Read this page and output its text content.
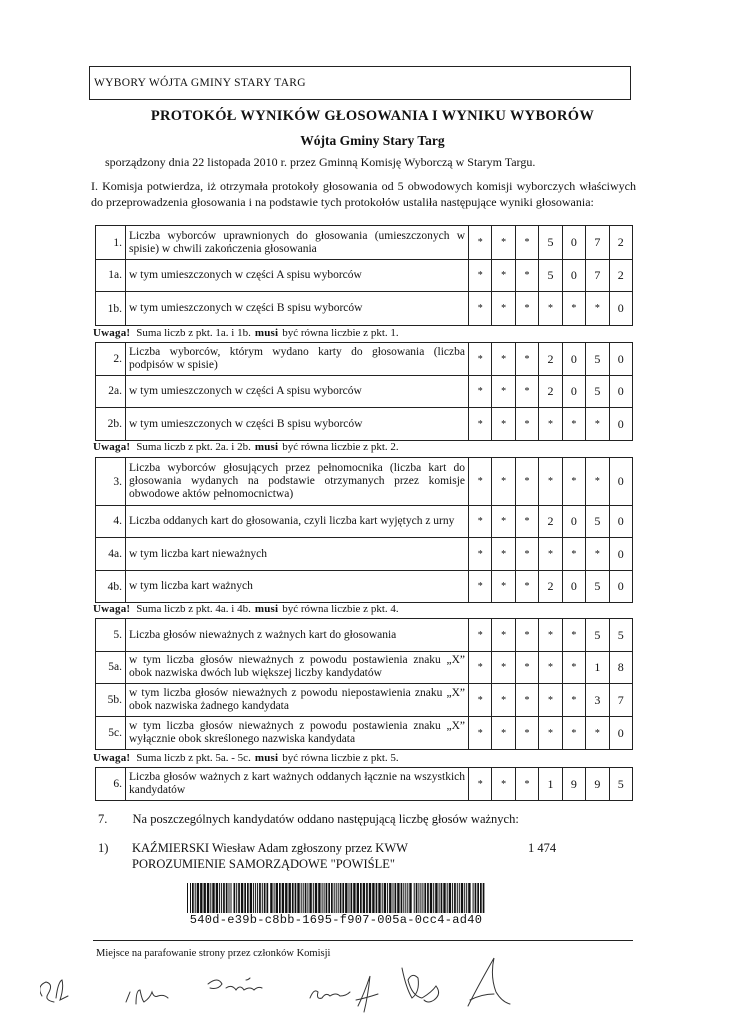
WYBORY WÓJTA GMINY STARY TARG
PROTOKÓŁ WYNIKÓW GŁOSOWANIA I WYNIKU WYBORÓW
Wójta Gminy Stary Targ
sporządzony dnia 22 listopada 2010 r. przez Gminną Komisję Wyborczą w Starym Targu.
I. Komisja potwierdza, iż otrzymała protokoły głosowania od 5 obwodowych komisji wyborczych właściwych do przeprowadzenia głosowania i na podstawie tych protokołów ustaliła następujące wyniki głosowania:
1.
Liczba wyborców uprawnionych do głosowania (umieszczonych w spisie) w chwili zakończenia głosowania	*	*	*	5	0	7	2
1a. w tym umieszczonych w części A spisu wyborców	*	*	*	5	0	7	2
1b. w tym umieszczonych w części B spisu wyborców	*	*	*	*	*	*	0
2.
Liczba wyborców, którym wydano karty do głosowania (liczba podpisów w spisie)	*	*	*	2	0	5	0
2a. w tym umieszczonych w części A spisu wyborców	*	*	*	2	0	5	0
2b. w tym umieszczonych w części B spisu wyborców	*	*	*	*	*	*	0
3.
Liczba wyborców głosujących przez pełnomocnika (liczba kart do głosowania wydanych na podstawie otrzymanych przez komisje obwodowe aktów pełnomocnictwa)
*	*	*	*	*	*	0
4. Liczba oddanych kart do głosowania, czyli liczba kart wyjętych z urny	*	*	*	2	0	5	0
4a. w tym liczba kart nieważnych	*	*	*	*	*	*	0
4b. w tym liczba kart ważnych	*	*	*	2	0	5	0
5. Liczba głosów nieważnych z ważnych kart do głosowania	*	*	*	*	*	5	5
5a.
w tym liczba głosów nieważnych z powodu postawienia znaku „X” obok nazwiska dwóch lub większej liczby kandydatów	*	*	*	*	*	1	8
5b.
w tym liczba głosów nieważnych z powodu niepostawienia znaku „X” obok nazwiska żadnego kandydata	*	*	*	*	*	3	7
5c.
w tym liczba głosów nieważnych z powodu postawienia znaku „X” wyłącznie obok skreślonego nazwiska kandydata	*	*	*	*	*	*	0
6.
Liczba głosów ważnych z kart ważnych oddanych łącznie na wszystkich kandydatów	*	*	*	1	9	9	5
Uwaga! Suma liczb z pkt. 1a. i 1b. musi być równa liczbie z pkt. 1.
Uwaga! Suma liczb z pkt. 2a. i 2b. musi być równa liczbie z pkt. 2.
Uwaga! Suma liczb z pkt. 4a. i 4b. musi być równa liczbie z pkt. 4.
Uwaga! Suma liczb z pkt. 5a. - 5c. musi być równa liczbie z pkt. 5.
7. Na poszczególnych kandydatów oddano następującą liczbę głosów ważnych:
1) KAŹMIERSKI Wiesław Adam zgłoszony przez KWW	1 474
POROZUMIENIE SAMORZĄDOWE "POWIŚLE"
540d-e39b-c8bb-1695-f907-005a-0cc4-ad40
Miejsce na parafowanie strony przez członków Komisji
